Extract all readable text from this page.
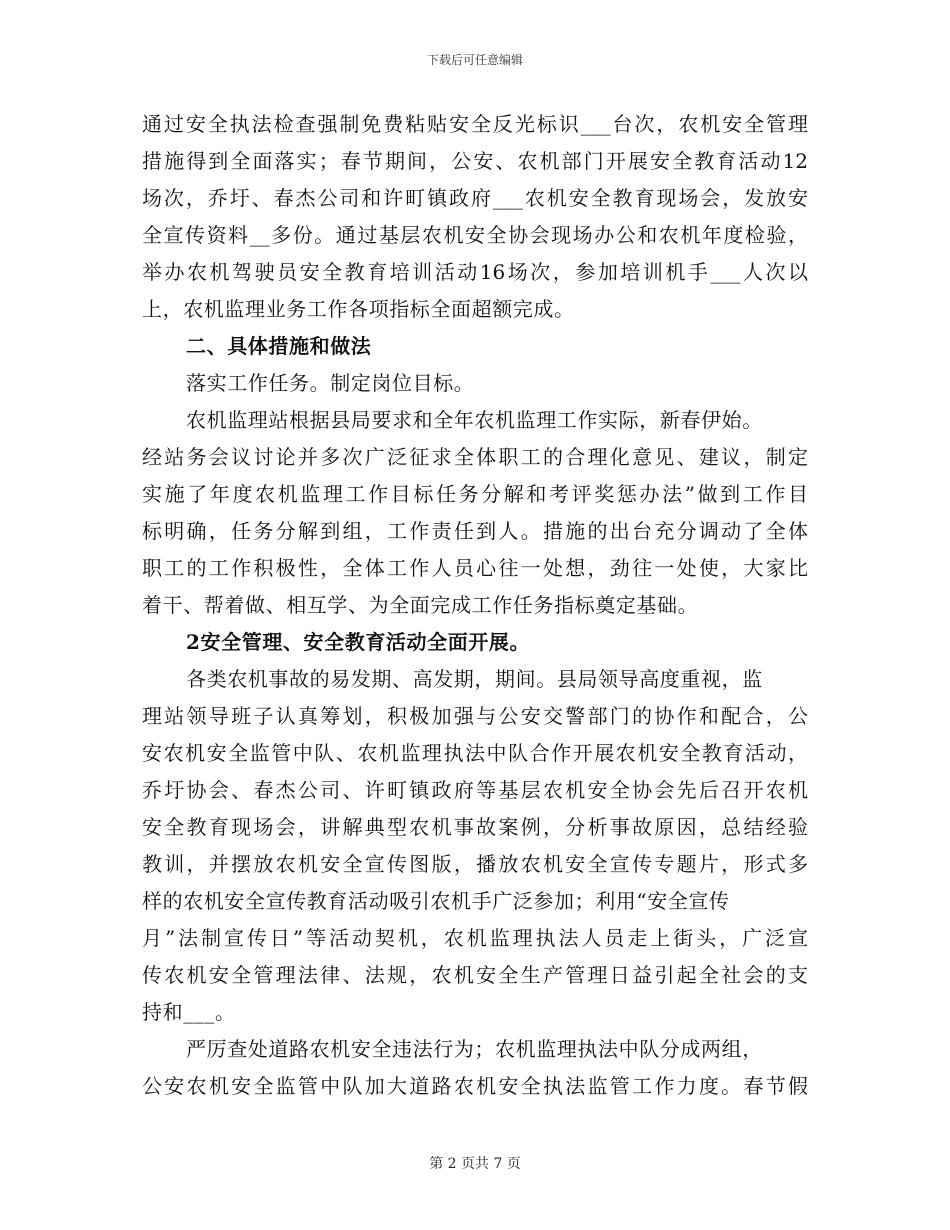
下载后可任意编辑
通过安全执法检查强制免费粘贴安全反光标识___台次，农机安全管理
措施得到全面落实；春节期间，公安、农机部门开展安全教育活动12
场次，乔圩、春杰公司和许町镇政府___农机安全教育现场会，发放安
全宣传资料__多份。通过基层农机安全协会现场办公和农机年度检验，
举办农机驾驶员安全教育培训活动16场次，参加培训机手___人次以
上，农机监理业务工作各项指标全面超额完成。
二、具体措施和做法
落实工作任务。制定岗位目标。
农机监理站根据县局要求和全年农机监理工作实际，新春伊始。
经站务会议讨论并多次广泛征求全体职工的合理化意见、建议，制定
实施了年度农机监理工作目标任务分解和考评奖惩办法”做到工作目
标明确，任务分解到组，工作责任到人。措施的出台充分调动了全体
职工的工作积极性，全体工作人员心往一处想，劲往一处使，大家比
着干、帮着做、相互学、为全面完成工作任务指标奠定基础。
2安全管理、安全教育活动全面开展。
各类农机事故的易发期、高发期，期间。县局领导高度重视，监
理站领导班子认真筹划，积极加强与公安交警部门的协作和配合，公
安农机安全监管中队、农机监理执法中队合作开展农机安全教育活动，
乔圩协会、春杰公司、许町镇政府等基层农机安全协会先后召开农机
安全教育现场会，讲解典型农机事故案例，分析事故原因，总结经验
教训，并摆放农机安全宣传图版，播放农机安全宣传专题片，形式多
样的农机安全宣传教育活动吸引农机手广泛参加；利用“安全宣传
月”法制宣传日”等活动契机，农机监理执法人员走上街头，广泛宣
传农机安全管理法律、法规，农机安全生产管理日益引起全社会的支
持和___。
严厉查处道路农机安全违法行为；农机监理执法中队分成两组，
公安农机安全监管中队加大道路农机安全执法监管工作力度。春节假
第 2 页共 7 页
